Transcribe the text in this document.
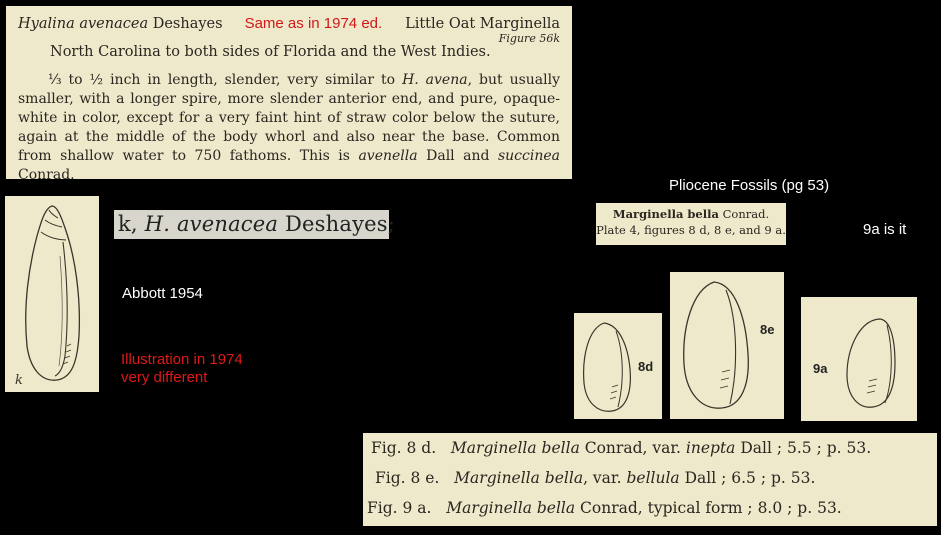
Hyalina avenacea
Deshayes Same as in 1974 ed. Little Oat Marginella
Figure 56k
North Carolina to both sides of Florida and the West Indies.
⅓ to ½ inch in length, slender, very similar to H. avena, but usually smaller, with a longer spire, more slender anterior end, and pure, opaque-white in color, except for a very faint hint of straw color below the suture, again at the middle of the body whorl and also near the base. Common from shallow water to 750 fathoms. This is avenella Dall and succinea Conrad.
k
k, H. avenacea Deshayes;
Abbott 1954
Illustration in 1974
very different
Pliocene Fossils (pg 53)
9a is it
Marginella bella Conrad.
Plate 4, figures 8 d, 8 e, and 9 a.
8d
8e
9a
Fig. 8 d. Marginella bella Conrad, var. inepta Dall ; 5.5 ; p. 53.
Fig. 8 e. Marginella bella, var. bellula Dall ; 6.5 ; p. 53.
Fig. 9 a. Marginella bella Conrad, typical form ; 8.0 ; p. 53.
